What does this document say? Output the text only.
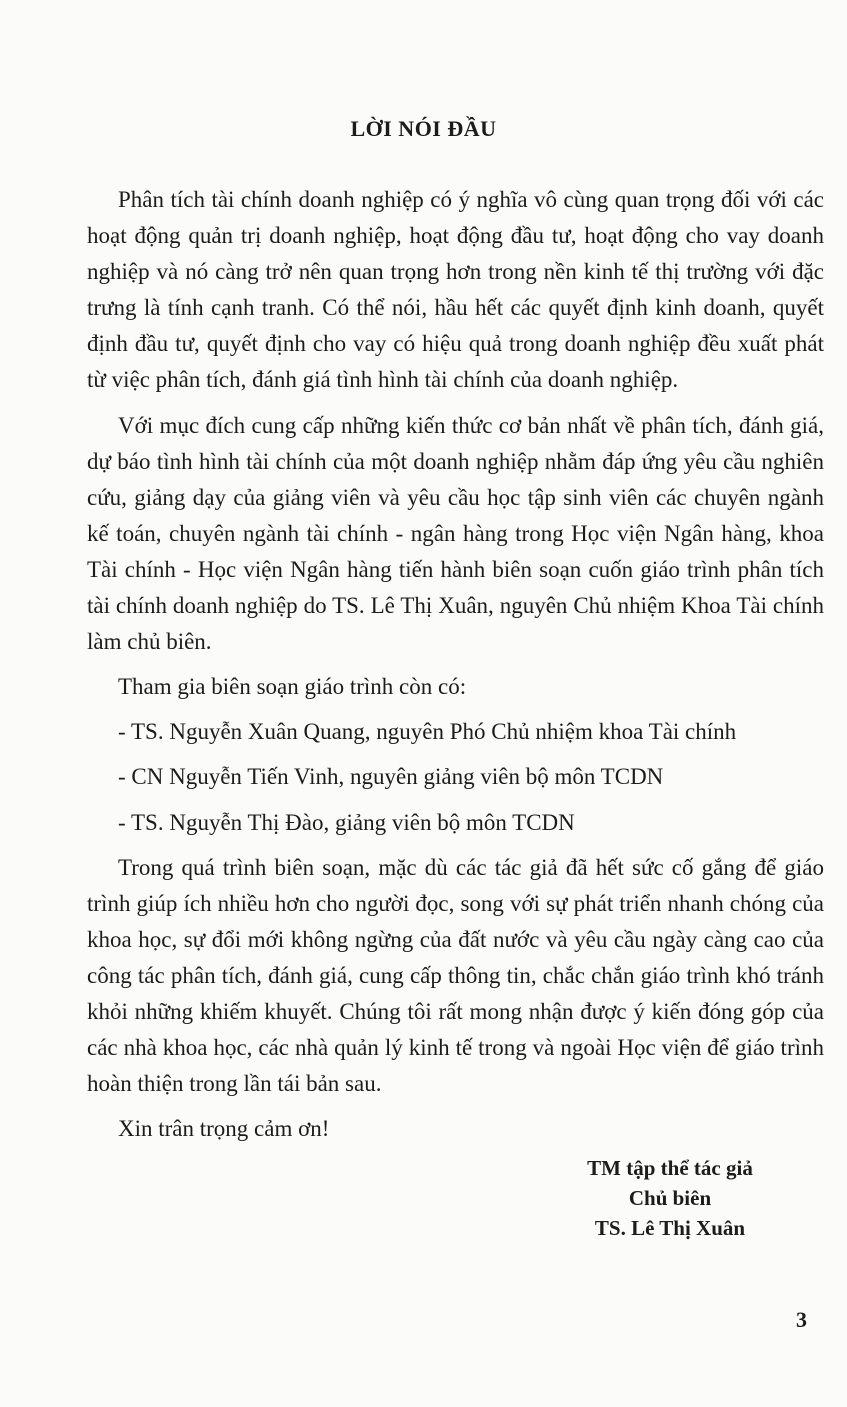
LỜI NÓI ĐẦU

Phân tích tài chính doanh nghiệp có ý nghĩa vô cùng quan trọng đối với các hoạt động quản trị doanh nghiệp, hoạt động đầu tư, hoạt động cho vay doanh nghiệp và nó càng trở nên quan trọng hơn trong nền kinh tế thị trường với đặc trưng là tính cạnh tranh. Có thể nói, hầu hết các quyết định kinh doanh, quyết định đầu tư, quyết định cho vay có hiệu quả trong doanh nghiệp đều xuất phát từ việc phân tích, đánh giá tình hình tài chính của doanh nghiệp.

Với mục đích cung cấp những kiến thức cơ bản nhất về phân tích, đánh giá, dự báo tình hình tài chính của một doanh nghiệp nhằm đáp ứng yêu cầu nghiên cứu, giảng dạy của giảng viên và yêu cầu học tập sinh viên các chuyên ngành kế toán, chuyên ngành tài chính - ngân hàng trong Học viện Ngân hàng, khoa Tài chính - Học viện Ngân hàng tiến hành biên soạn cuốn giáo trình phân tích tài chính doanh nghiệp do TS. Lê Thị Xuân, nguyên Chủ nhiệm Khoa Tài chính làm chủ biên.

Tham gia biên soạn giáo trình còn có:

- TS. Nguyễn Xuân Quang, nguyên Phó Chủ nhiệm khoa Tài chính

- CN Nguyễn Tiến Vinh, nguyên giảng viên bộ môn TCDN

- TS. Nguyễn Thị Đào, giảng viên bộ môn TCDN

Trong quá trình biên soạn, mặc dù các tác giả đã hết sức cố gắng để giáo trình giúp ích nhiều hơn cho người đọc, song với sự phát triển nhanh chóng của khoa học, sự đổi mới không ngừng của đất nước và yêu cầu ngày càng cao của công tác phân tích, đánh giá, cung cấp thông tin, chắc chắn giáo trình khó tránh khỏi những khiếm khuyết. Chúng tôi rất mong nhận được ý kiến đóng góp của các nhà khoa học, các nhà quản lý kinh tế trong và ngoài Học viện để giáo trình hoàn thiện trong lần tái bản sau.

Xin trân trọng cảm ơn!

TM tập thể tác giả
Chủ biên
TS. Lê Thị Xuân
3
